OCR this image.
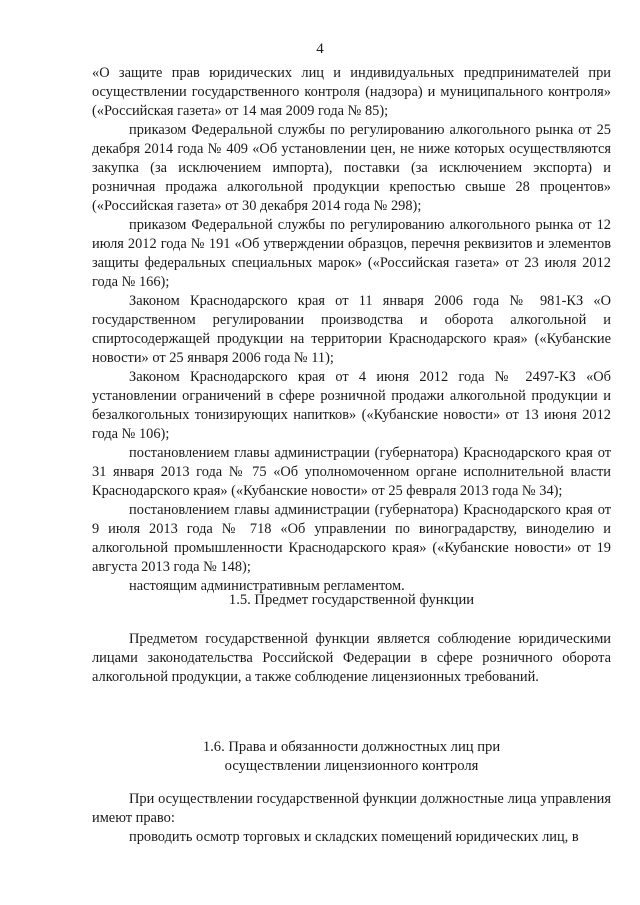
4

«О защите прав юридических лиц и индивидуальных предпринимателей при осуществлении государственного контроля (надзора) и муниципального контроля» («Российская газета» от 14 мая 2009 года № 85);

приказом Федеральной службы по регулированию алкогольного рынка от 25 декабря 2014 года № 409 «Об установлении цен, не ниже которых осуществляются закупка (за исключением импорта), поставки (за исключением экспорта) и розничная продажа алкогольной продукции крепостью свыше 28 процентов» («Российская газета» от 30 декабря 2014 года № 298);

приказом Федеральной службы по регулированию алкогольного рынка от 12 июля 2012 года № 191 «Об утверждении образцов, перечня реквизитов и элементов защиты федеральных специальных марок» («Российская газета» от 23 июля 2012 года № 166);

Законом Краснодарского края от 11 января 2006 года № 981-КЗ «О государственном регулировании производства и оборота алкогольной и спиртосодержащей продукции на территории Краснодарского края» («Кубанские новости» от 25 января 2006 года № 11);

Законом Краснодарского края от 4 июня 2012 года № 2497-КЗ «Об установлении ограничений в сфере розничной продажи алкогольной продукции и безалкогольных тонизирующих напитков» («Кубанские новости» от 13 июня 2012 года № 106);

постановлением главы администрации (губернатора) Краснодарского края от 31 января 2013 года № 75 «Об уполномоченном органе исполнительной власти Краснодарского края» («Кубанские новости» от 25 февраля 2013 года № 34);

постановлением главы администрации (губернатора) Краснодарского края от 9 июля 2013 года № 718 «Об управлении по виноградарству, виноделию и алкогольной промышленности Краснодарского края» («Кубанские новости» от 19 августа 2013 года № 148);

настоящим административным регламентом.

1.5. Предмет государственной функции

Предметом государственной функции является соблюдение юридическими лицами законодательства Российской Федерации в сфере розничного оборота алкогольной продукции, а также соблюдение лицензионных требований.

1.6. Права и обязанности должностных лиц при
осуществлении лицензионного контроля

При осуществлении государственной функции должностные лица управления имеют право:

проводить осмотр торговых и складских помещений юридических лиц, в
